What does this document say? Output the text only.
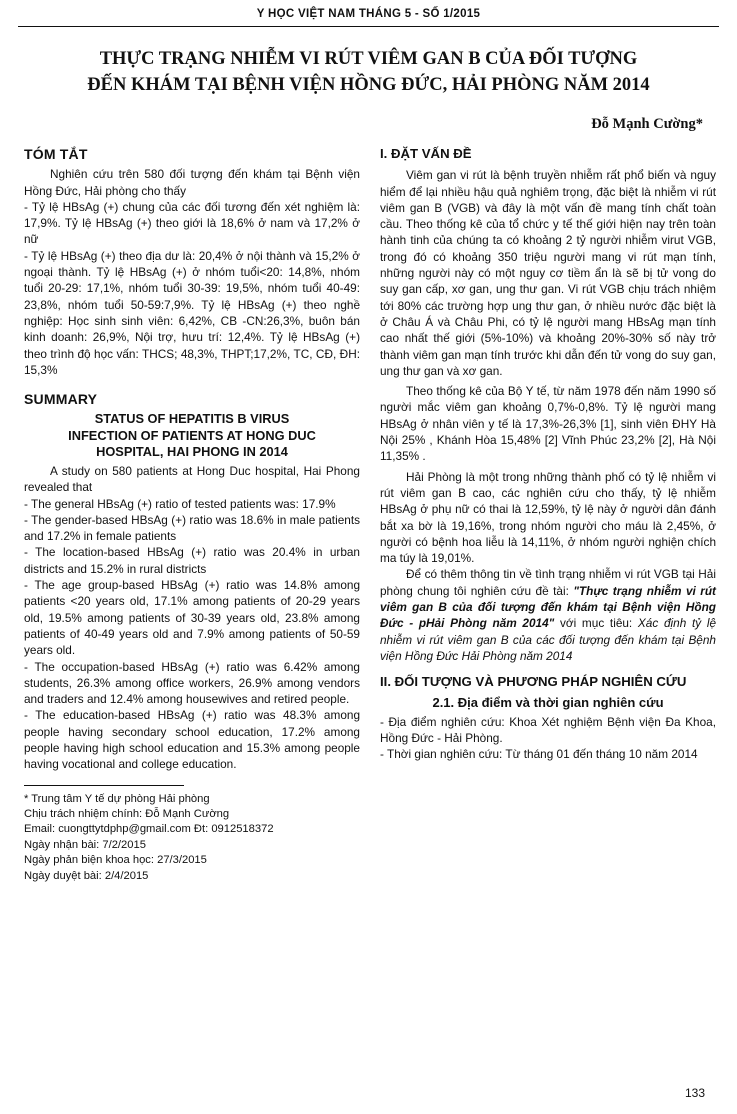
Y HỌC VIỆT NAM THÁNG 5 - SỐ 1/2015
THỰC TRẠNG NHIỄM VI RÚT VIÊM GAN B CỦA ĐỐI TƯỢNG
ĐẾN KHÁM TẠI BỆNH VIỆN HỒNG ĐỨC, HẢI PHÒNG NĂM 2014
Đỗ Mạnh Cường*
TÓM TẮT

Nghiên cứu trên 580 đối tượng đến khám tại Bệnh viện Hồng Đức, Hải phòng cho thấy

- Tỷ lệ HBsAg (+) chung của các đối tương đến xét nghiệm là: 17,9%. Tỷ lệ HBsAg (+) theo giới là 18,6% ở nam và 17,2% ở nữ

- Tỷ lệ HBsAg (+) theo địa dư là: 20,4% ở nội thành và 15,2% ở ngoại thành. Tỷ lệ HBsAg (+) ở nhóm tuổi<20: 14,8%, nhóm tuổi 20-29: 17,1%, nhóm tuổi 30-39: 19,5%, nhóm tuổi 40-49: 23,8%, nhóm tuổi 50-59:7,9%. Tỷ lệ HBsAg (+) theo nghề nghiệp: Học sinh sinh viên: 6,42%, CB -CN:26,3%, buôn bán kinh doanh: 26,9%, Nội trợ, hưu trí: 12,4%. Tỷ lệ HBsAg (+) theo trình độ học vấn: THCS; 48,3%, THPT;17,2%, TC, CĐ, ĐH: 15,3%

SUMMARY
STATUS OF HEPATITIS B VIRUS
INFECTION OF PATIENTS AT HONG DUC
HOSPITAL, HAI PHONG IN 2014

A study on 580 patients at Hong Duc hospital, Hai Phong revealed that

- The general HBsAg (+) ratio of tested patients was: 17.9%

- The gender-based HBsAg (+) ratio was 18.6% in male patients and 17.2% in female patients

- The location-based HBsAg (+) ratio was 20.4% in urban districts and 15.2% in rural districts

- The age group-based HBsAg (+) ratio was 14.8% among patients <20 years old, 17.1% among patients of 20-29 years old, 19.5% among patients of 30-39 years old, 23.8% among patients of 40-49 years old and 7.9% among patients of 50-59 years old.

- The occupation-based HBsAg (+) ratio was 6.42% among students, 26.3% among office workers, 26.9% among vendors and traders and 12.4% among housewives and retired people.

- The education-based HBsAg (+) ratio was 48.3% among people having secondary school education, 17.2% among people having high school education and 15.3% among people having vocational and college education.

* Trung tâm Y tế dự phòng Hải phòng

Chịu trách nhiệm chính: Đỗ Mạnh Cường

Email: cuongttytdphp@gmail.com Đt: 0912518372

Ngày nhận bài: 7/2/2015

Ngày phản biện khoa học: 27/3/2015

Ngày duyệt bài: 2/4/2015

I. ĐẶT VẤN ĐỀ

Viêm gan vi rút là bệnh truyền nhiễm rất phổ biến và nguy hiểm để lại nhiều hậu quả nghiêm trọng, đặc biệt là nhiễm vi rút viêm gan B (VGB) và đây là một vấn đề mang tính chất toàn cầu. Theo thống kê của tổ chức y tế thế giới hiện nay trên toàn hành tinh của chúng ta có khoảng 2 tỷ người nhiễm virut VGB, trong đó có khoảng 350 triệu người mang vi rút mạn tính, những người này có một nguy cơ tiềm ẩn là sẽ bị tử vong do suy gan cấp, xơ gan, ung thư gan. Vi rút VGB chịu trách nhiệm tới 80% các trường hợp ung thư gan, ở nhiều nước đặc biệt là ở Châu Á và Châu Phi, có tỷ lệ người mang HBsAg mạn tính cao nhất thế giới (5%-10%) và khoảng 20%-30% số này trở thành viêm gan mạn tính trước khi dẫn đến tử vong do suy gan, ung thư gan và xơ gan.

Theo thống kê của Bộ Y tế, từ năm 1978 đến năm 1990 số người mắc viêm gan khoảng 0,7%-0,8%. Tỷ lệ người mang HBsAg ở nhân viên y tế là 17,3%-26,3% [1], sinh viên ĐHY Hà Nội 25% , Khánh Hòa 15,48% [2] Vĩnh Phúc 23,2% [2], Hà Nội 11,35% .

Hải Phòng là một trong những thành phố có tỷ lệ nhiễm vi rút viêm gan B cao, các nghiên cứu cho thấy, tỷ lệ nhiễm HBsAg ở phụ nữ có thai là 12,59%, tỷ lệ này ở người dân đánh bắt xa bờ là 19,16%, trong nhóm người cho máu là 2,45%, ở người có bệnh hoa liễu là 14,11%, ở nhóm người nghiện chích ma túy là 19,01%.

Để có thêm thông tin về tình trạng nhiễm vi rút VGB tại Hải phòng chung tôi nghiên cứu đề tài: "Thực trạng nhiễm vi rút viêm gan B của đối tượng đến khám tại Bệnh viện Hồng Đức - pHải Phòng năm 2014" với mục tiêu: Xác định tỷ lệ nhiễm vi rút viêm gan B của các đối tượng đến khám tại Bệnh viện Hồng Đức Hải Phòng năm 2014

II. ĐỐI TƯỢNG VÀ PHƯƠNG PHÁP NGHIÊN CỨU
2.1. Địa điểm và thời gian nghiên cứu

- Địa điểm nghiên cứu: Khoa Xét nghiệm Bệnh viện Đa Khoa, Hồng Đức - Hải Phòng.

- Thời gian nghiên cứu: Từ tháng 01 đến tháng 10 năm 2014

133
